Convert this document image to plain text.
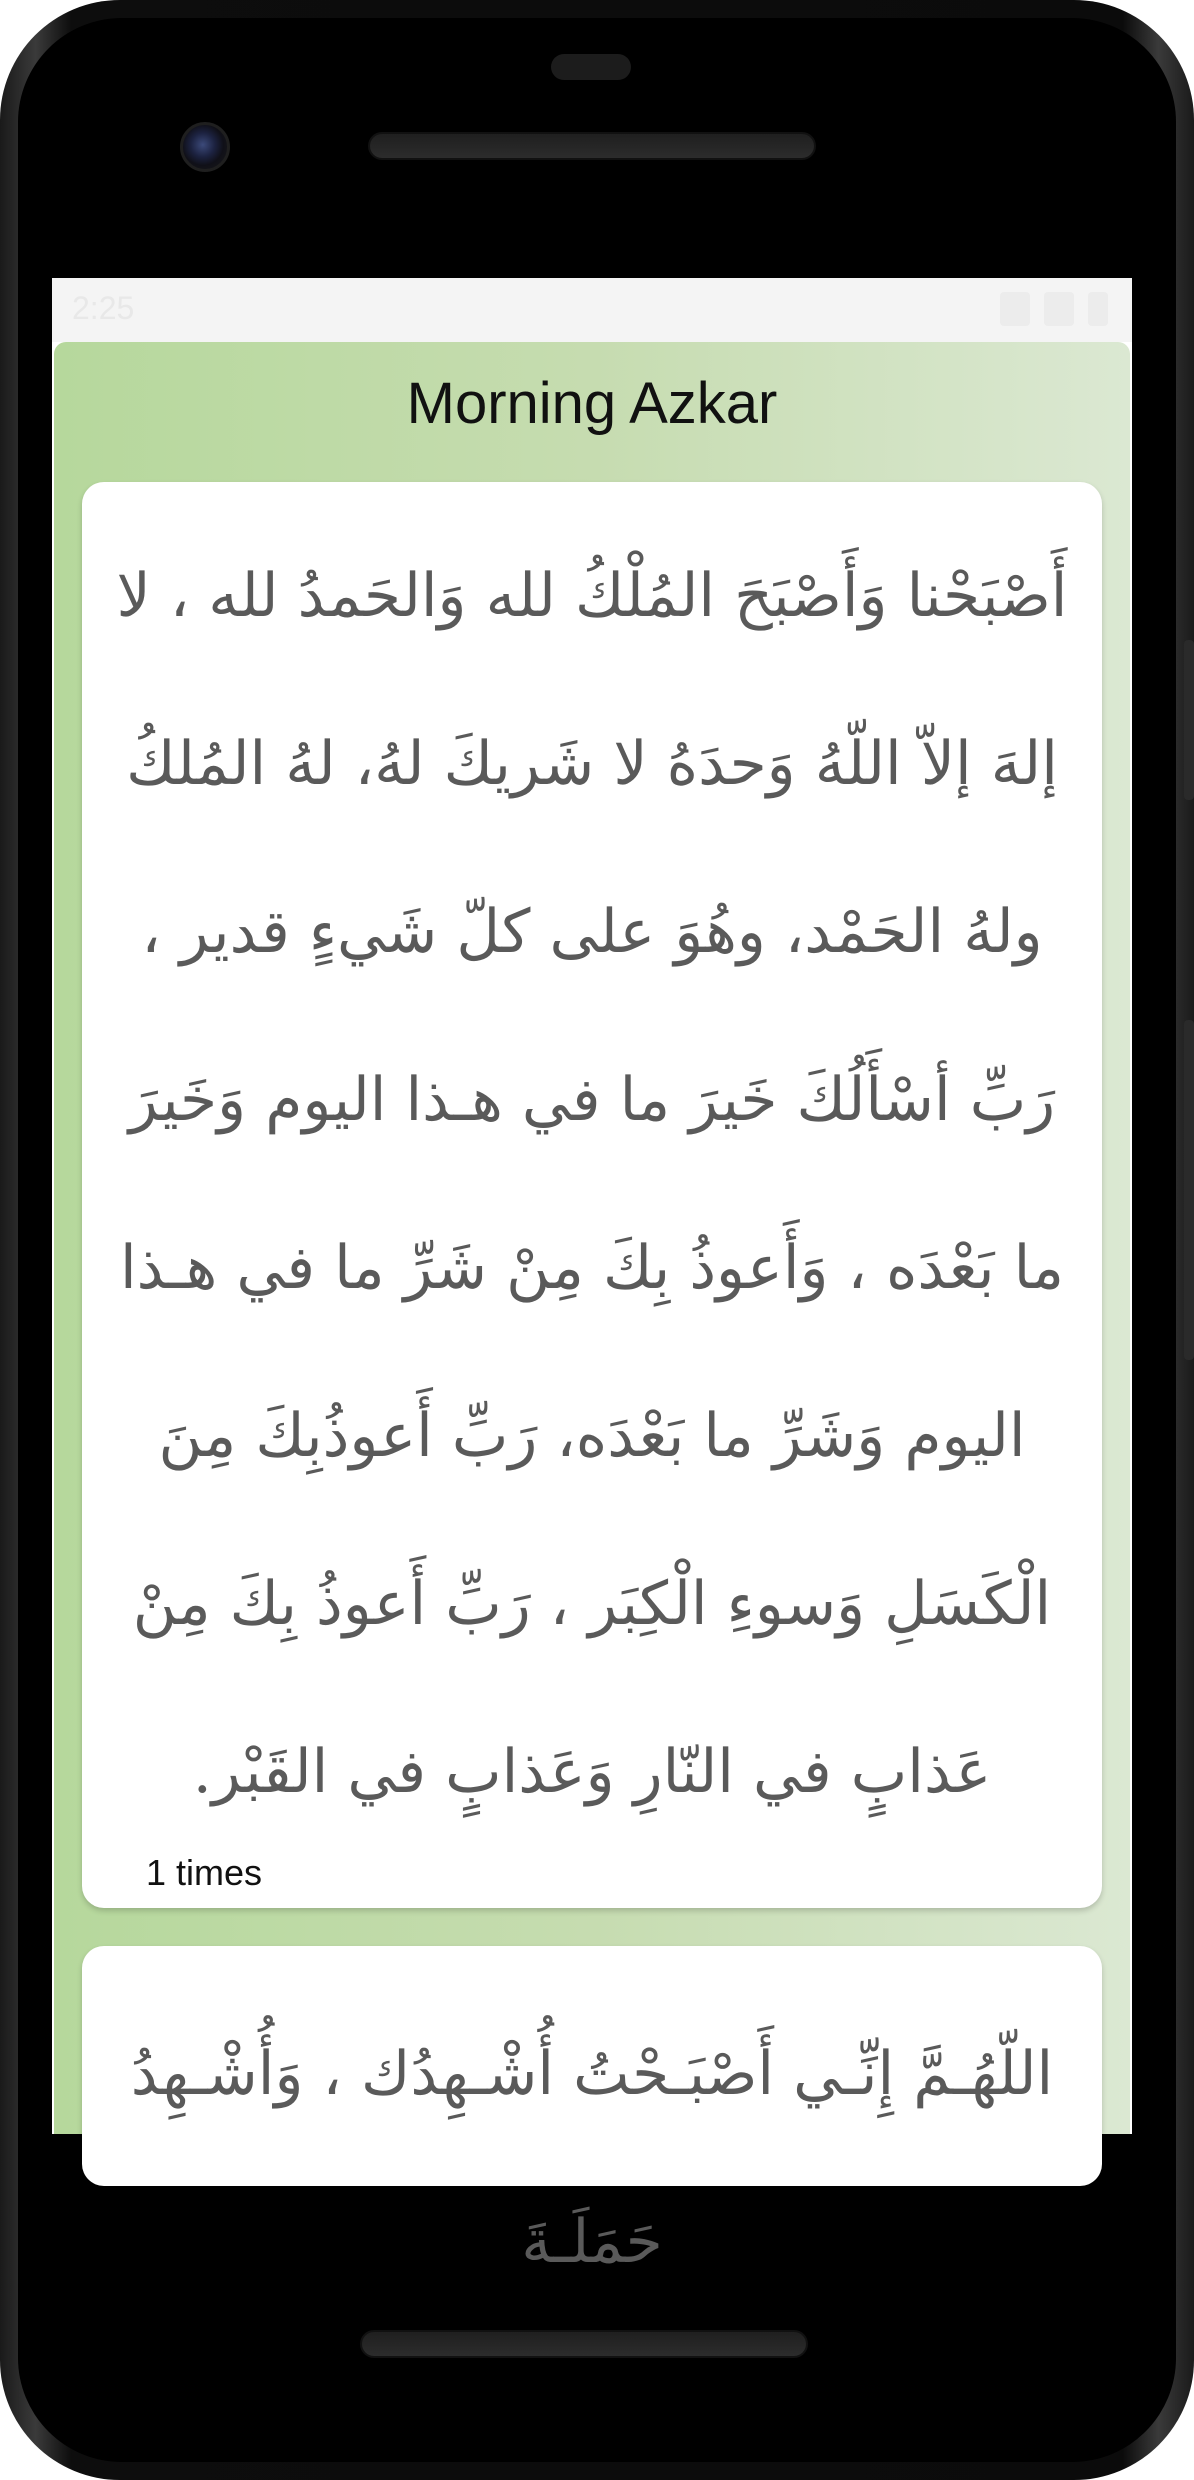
2:25
Morning Azkar
أَصْبَحْنا وَأَصْبَحَ المُلْكُ لله وَالحَمدُ لله ، لا إلهَ إلاّ اللّهُ وَحدَهُ لا شَريكَ لهُ، لهُ المُلكُ ولهُ الحَمْد، وهُوَ على كلّ شَيءٍ قدير ، رَبِّ أسْأَلُكَ خَيرَ ما في هـذا اليوم وَخَيرَ ما بَعْدَه ، وَأَعوذُ بِكَ مِنْ شَرِّ ما في هـذا اليوم وَشَرِّ ما بَعْدَه، رَبِّ أَعوذُبِكَ مِنَ الْكَسَلِ وَسوءِ الْكِبَر ، رَبِّ أَعوذُ بِكَ مِنْ عَذابٍ في النّارِ وَعَذابٍ في القَبْر.
1 times
اللّهُـمَّ إِنِّـي أَصْبَـحْتُ أُشْـهِدُك ، وَأُشْـهِدُ حَمَلَـةَ
